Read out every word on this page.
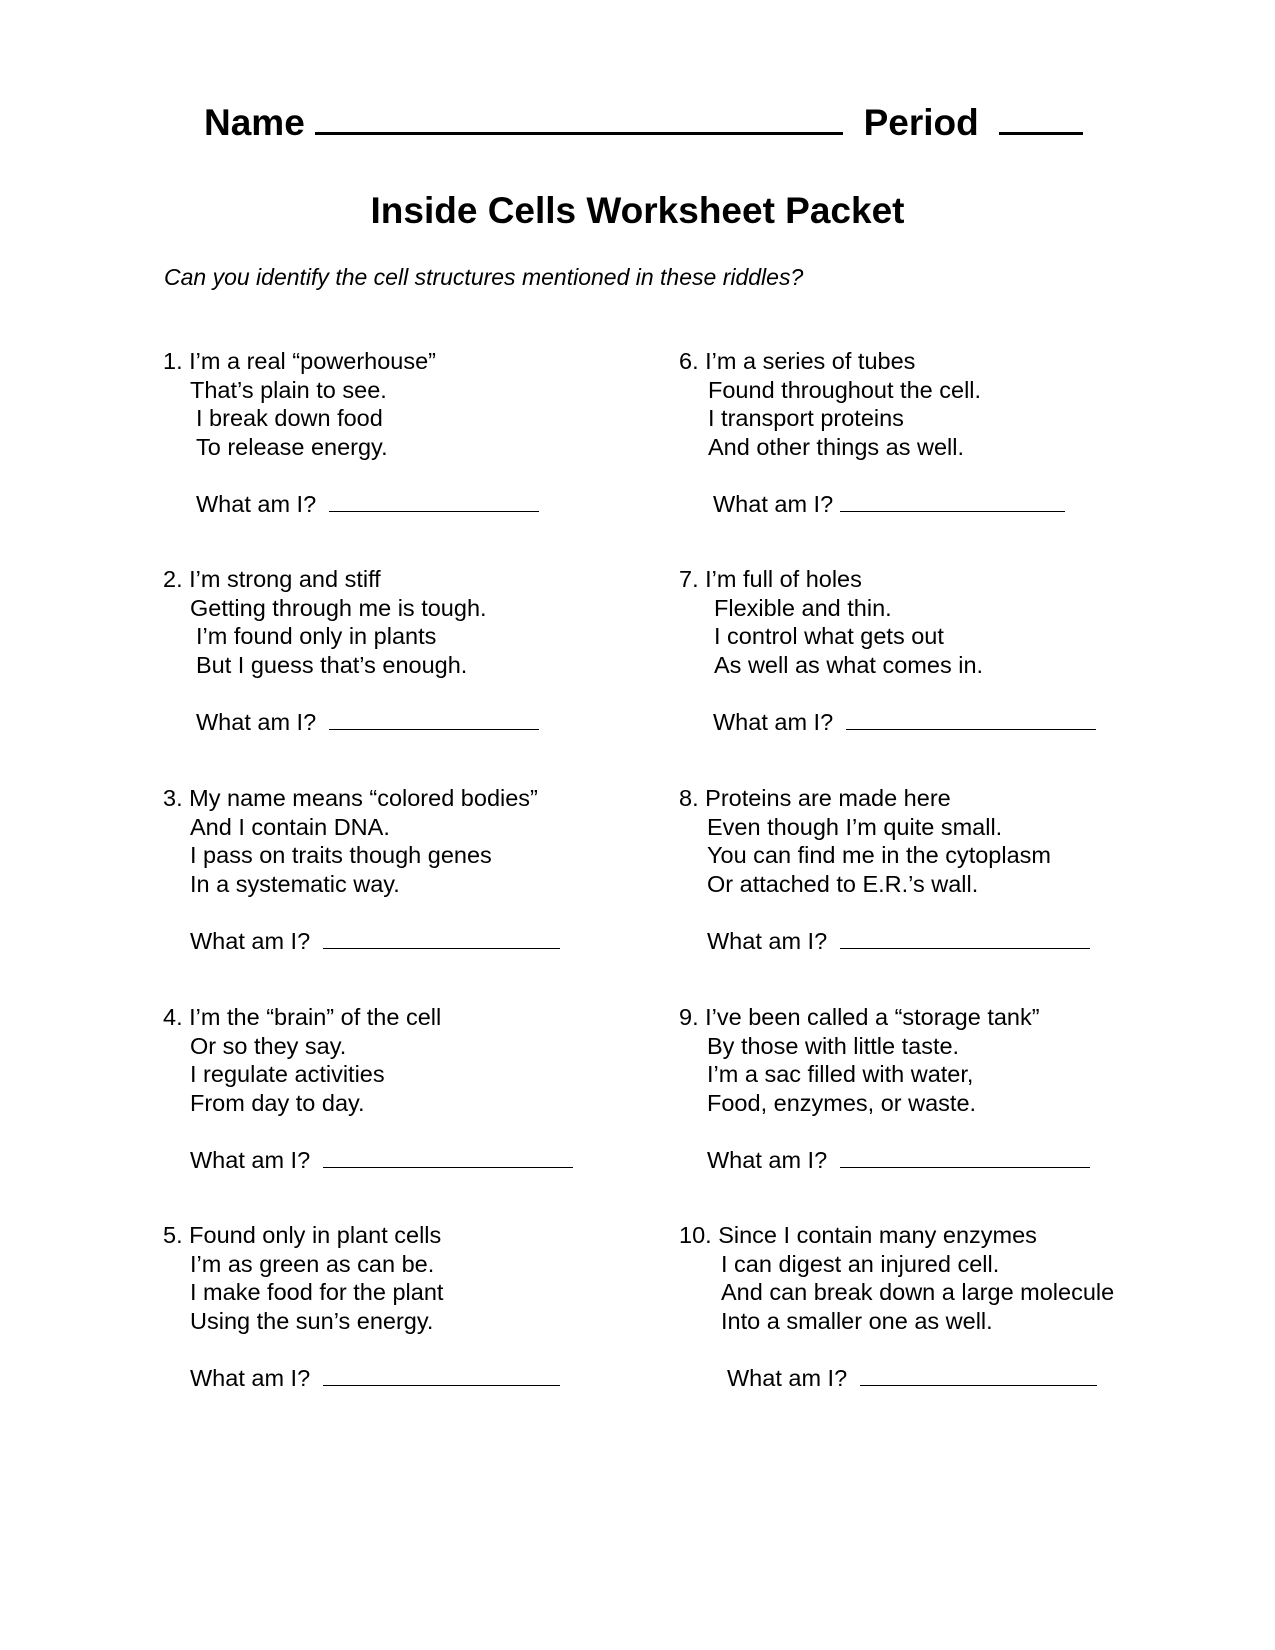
Name	Period
Inside Cells Worksheet Packet
Can you identify the cell structures mentioned in these riddles?
1. I’m a real “powerhouse”
That’s plain to see.
I break down food
To release energy.
What am I?
2. I’m strong and stiff
Getting through me is tough.
I’m found only in plants
But I guess that’s enough.
What am I?
3. My name means “colored bodies”
And I contain DNA.
I pass on traits though genes
In a systematic way.
What am I?
4. I’m the “brain” of the cell
Or so they say.
I regulate activities
From day to day.
What am I?
5. Found only in plant cells
I’m as green as can be.
I make food for the plant
Using the sun’s energy.
What am I?
6. I’m a series of tubes
Found throughout the cell.
I transport proteins
And other things as well.
What am I?
7. I’m full of holes
Flexible and thin.
I control what gets out
As well as what comes in.
What am I?
8. Proteins are made here
Even though I’m quite small.
You can find me in the cytoplasm
Or attached to E.R.’s wall.
What am I?
9. I’ve been called a “storage tank”
By those with little taste.
I’m a sac filled with water,
Food, enzymes, or waste.
What am I?
10. Since I contain many enzymes
I can digest an injured cell.
And can break down a large molecule
Into a smaller one as well.
What am I?
